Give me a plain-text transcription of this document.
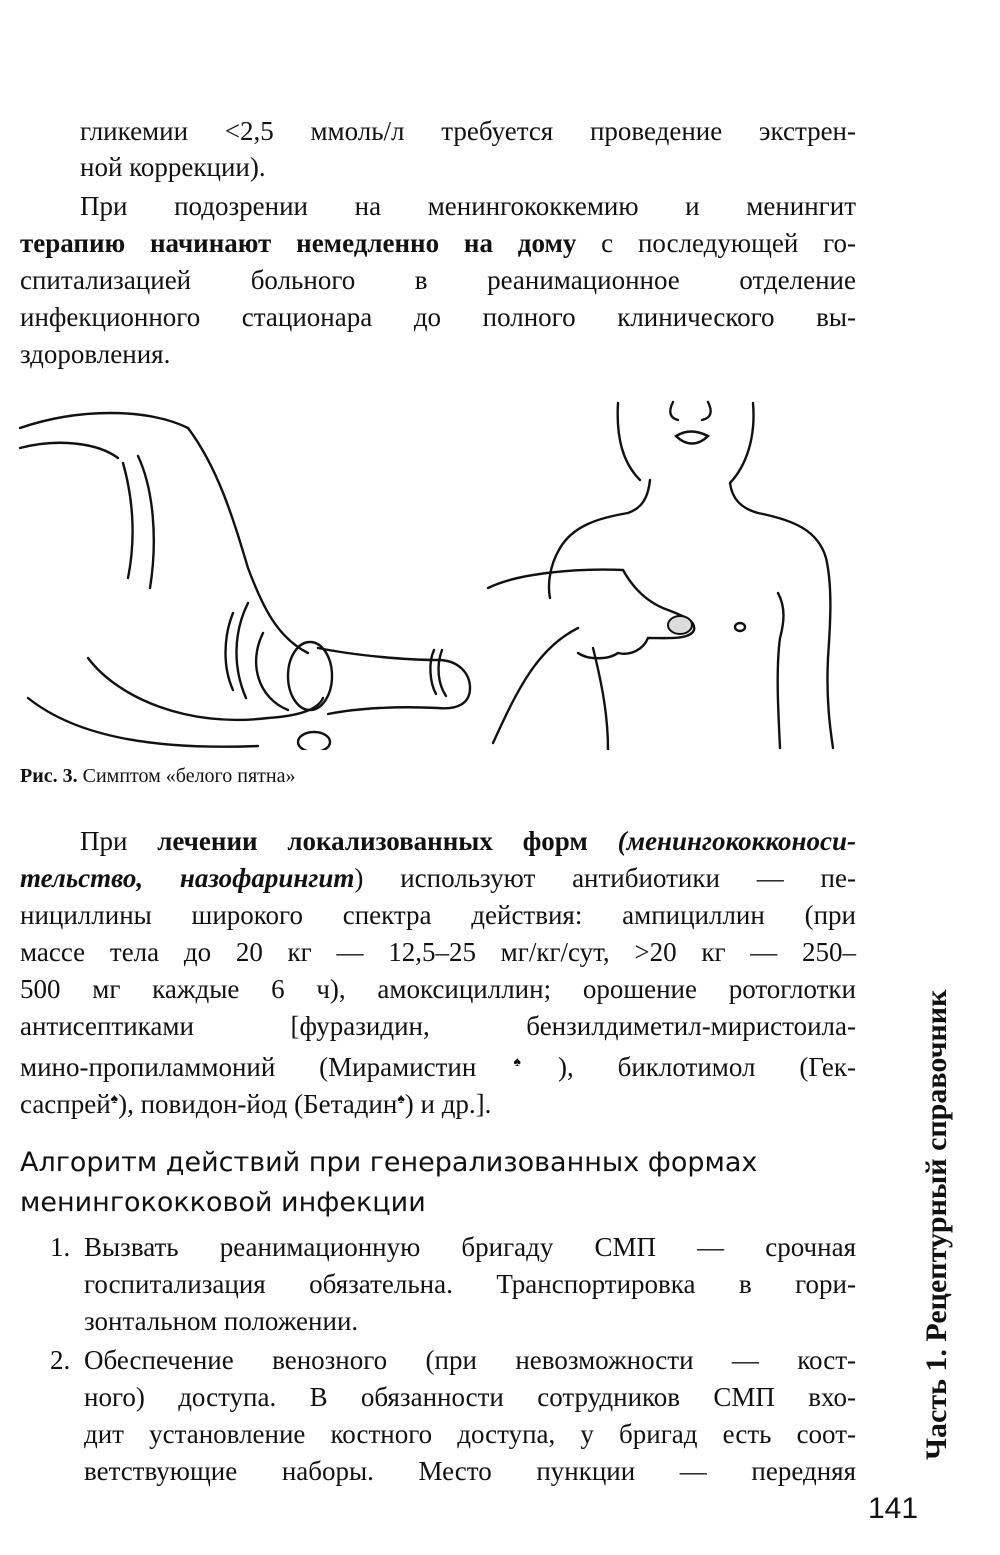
гликемии <2,5 ммоль/л требуется проведение экстрен-
ной коррекции).
При подозрении на менингококкемию и менингит
терапию начинают немедленно на дому с последующей го-
спитализацией больного в реанимационное отделение
инфекционного стационара до полного клинического вы-
здоровления.
Рис. 3. Симптом «белого пятна»
При лечении локализованных форм (менингококконоси-
тельство, назофарингит) используют антибиотики — пе-
нициллины широкого спектра действия: ампициллин (при
массе тела до 20 кг — 12,5–25 мг/кг/сут, >20 кг — 250–
500 мг каждые 6 ч), амоксициллин; орошение ротоглотки
антисептиками [фуразидин, бензилдиметил-миристоила-
мино-пропиламмоний (Мирамистин♠), биклотимол (Гек-
саспрей♠), повидон-йод (Бетадин♠) и др.].
Алгоритм действий при генерализованных формах
менингококковой инфекции
1. Вызвать реанимационную бригаду СМП — срочная
госпитализация обязательна. Транспортировка в гори-
зонтальном положении.
2. Обеспечение венозного (при невозможности — кост-
ного) доступа. В обязанности сотрудников СМП вхо-
дит установление костного доступа, у бригад есть соот-
ветствующие наборы. Место пункции — передняя
Часть 1. Рецептурный справочник
141
